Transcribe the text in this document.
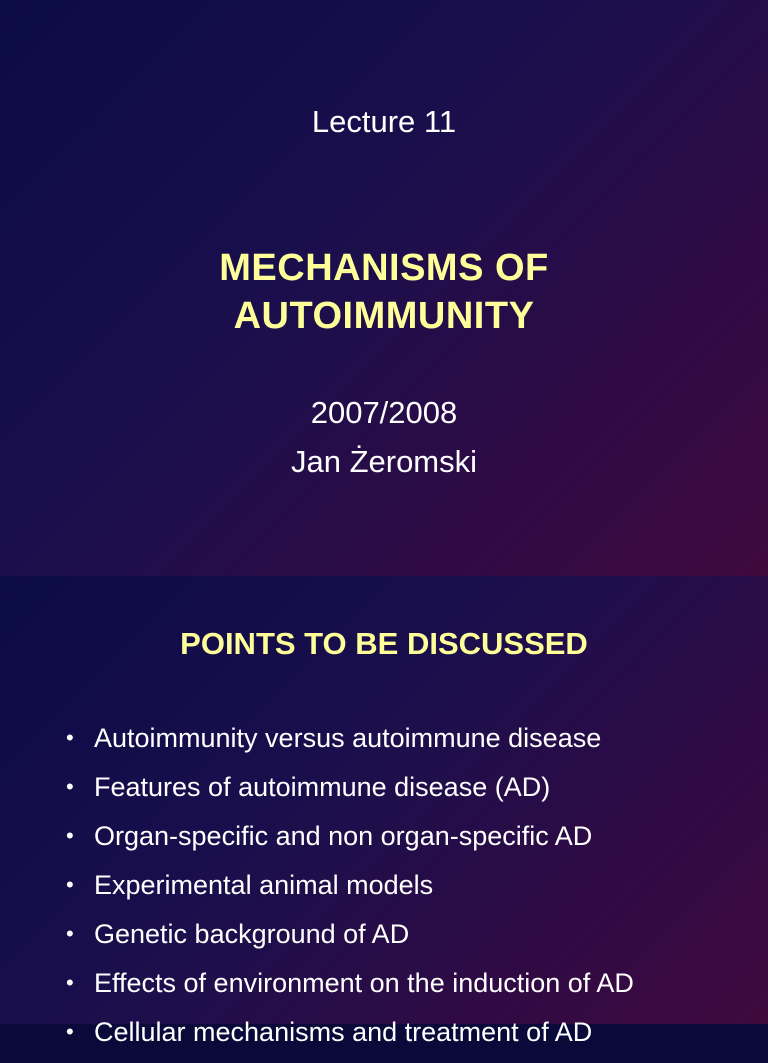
Lecture 11
MECHANISMS OF
AUTOIMMUNITY
2007/2008
Jan Żeromski
POINTS TO BE DISCUSSED
• Autoimmunity versus autoimmune disease
• Features of autoimmune disease (AD)
• Organ-specific and non organ-specific AD
• Experimental animal models
• Genetic background of AD
• Effects of environment on the induction of AD
• Cellular mechanisms and treatment of AD
